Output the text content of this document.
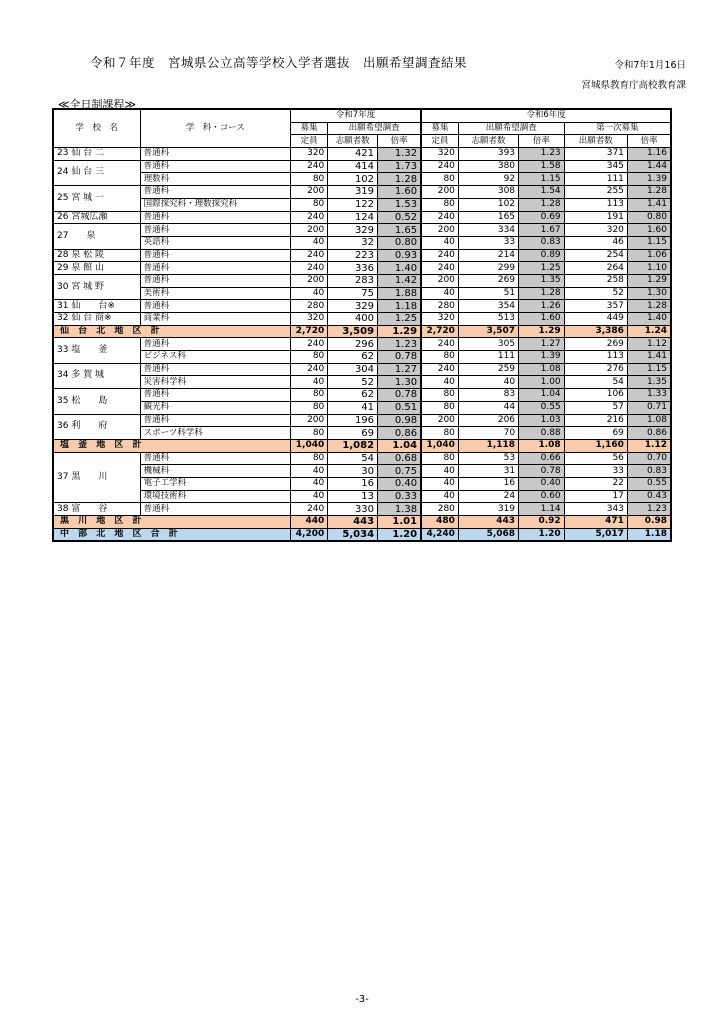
令和７年度　宮城県公立高等学校入学者選抜　出願希望調査結果	令和7年1月16日
宮城県教育庁高校教育課
≪全日制課程≫
学　校　名	学　科・コース	令和7年度			令和6年度				
		募集	出願希望調査		募集	出願希望調査		第一次募集	
		定員	志願者数	倍率	定員	志願者数	倍率	出願者数	倍率
23 仙 台 二	普通科	320	421	1.32	320	393	1.23	371	1.16
24 仙 台 三	普通科	240	414	1.73	240	380	1.58	345	1.44
	理数科	80	102	1.28	80	92	1.15	111	1.39
25 宮 城 一	普通科	200	319	1.60	200	308	1.54	255	1.28
	国際探究科・理数探究科	80	122	1.53	80	102	1.28	113	1.41
26 宮城広瀬	普通科	240	124	0.52	240	165	0.69	191	0.80
27　　泉	普通科	200	329	1.65	200	334	1.67	320	1.60
	英語科	40	32	0.80	40	33	0.83	46	1.15
28 泉 松 陵	普通科	240	223	0.93	240	214	0.89	254	1.06
29 泉 館 山	普通科	240	336	1.40	240	299	1.25	264	1.10
30 宮 城 野	普通科	200	283	1.42	200	269	1.35	258	1.29
	美術科	40	75	1.88	40	51	1.28	52	1.30
31 仙　　台※	普通科	280	329	1.18	280	354	1.26	357	1.28
32 仙 台 商※	商業科	320	400	1.25	320	513	1.60	449	1.40
仙 台 北 地 区 計		2,720	3,509	1.29	2,720	3,507	1.29	3,386	1.24
33 塩　　釜	普通科	240	296	1.23	240	305	1.27	269	1.12
	ビジネス科	80	62	0.78	80	111	1.39	113	1.41
34 多 賀 城	普通科	240	304	1.27	240	259	1.08	276	1.15
	災害科学科	40	52	1.30	40	40	1.00	54	1.35
35 松　　島	普通科	80	62	0.78	80	83	1.04	106	1.33
	観光科	80	41	0.51	80	44	0.55	57	0.71
36 利　　府	普通科	200	196	0.98	200	206	1.03	216	1.08
	スポーツ科学科	80	69	0.86	80	70	0.88	69	0.86
塩 釜 地 区 計		1,040	1,082	1.04	1,040	1,118	1.08	1,160	1.12
37 黒　　川	普通科	80	54	0.68	80	53	0.66	56	0.70
	機械科	40	30	0.75	40	31	0.78	33	0.83
	電子工学科	40	16	0.40	40	16	0.40	22	0.55
	環境技術科	40	13	0.33	40	24	0.60	17	0.43
38 富　　谷	普通科	240	330	1.38	280	319	1.14	343	1.23
黒 川 地 区 計		440	443	1.01	480	443	0.92	471	0.98
中 部 北 地 区 合 計		4,200	5,034	1.20	4,240	5,068	1.20	5,017	1.18
-3-
